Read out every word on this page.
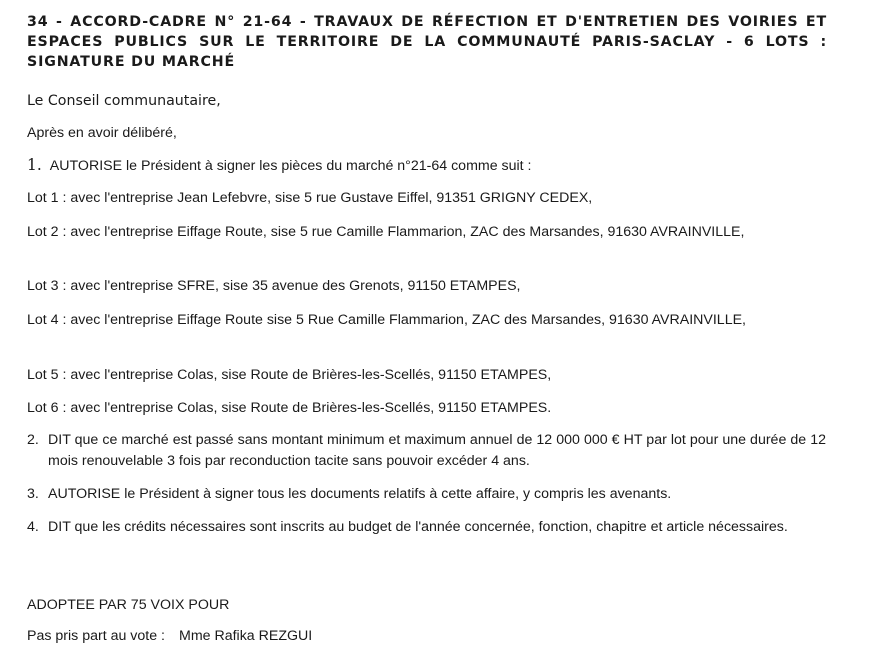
34 - ACCORD-CADRE N° 21-64 - TRAVAUX DE RÉFECTION ET D'ENTRETIEN DES VOIRIES ET ESPACES PUBLICS SUR LE TERRITOIRE DE LA COMMUNAUTÉ PARIS-SACLAY - 6 LOTS : SIGNATURE DU MARCHÉ

Le Conseil communautaire,

Après en avoir délibéré,

1. AUTORISE le Président à signer les pièces du marché n°21-64 comme suit :

Lot 1 : avec l'entreprise Jean Lefebvre, sise 5 rue Gustave Eiffel, 91351 GRIGNY CEDEX,

Lot 2 : avec l'entreprise Eiffage Route, sise 5 rue Camille Flammarion, ZAC des Marsandes, 91630 AVRAINVILLE,

Lot 3 : avec l'entreprise SFRE, sise 35 avenue des Grenots, 91150 ETAMPES,

Lot 4 : avec l'entreprise Eiffage Route sise 5 Rue Camille Flammarion, ZAC des Marsandes, 91630 AVRAINVILLE,

Lot 5 : avec l'entreprise Colas, sise Route de Brières-les-Scellés, 91150 ETAMPES,

Lot 6 : avec l'entreprise Colas, sise Route de Brières-les-Scellés, 91150 ETAMPES.

2. DIT que ce marché est passé sans montant minimum et maximum annuel de 12 000 000 € HT par lot pour une durée de 12 mois renouvelable 3 fois par reconduction tacite sans pouvoir excéder 4 ans.
3. AUTORISE le Président à signer tous les documents relatifs à cette affaire, y compris les avenants.
4. DIT que les crédits nécessaires sont inscrits au budget de l'année concernée, fonction, chapitre et article nécessaires.

ADOPTEE PAR 75 VOIX POUR

Pas pris part au vote : Mme Rafika REZGUI
